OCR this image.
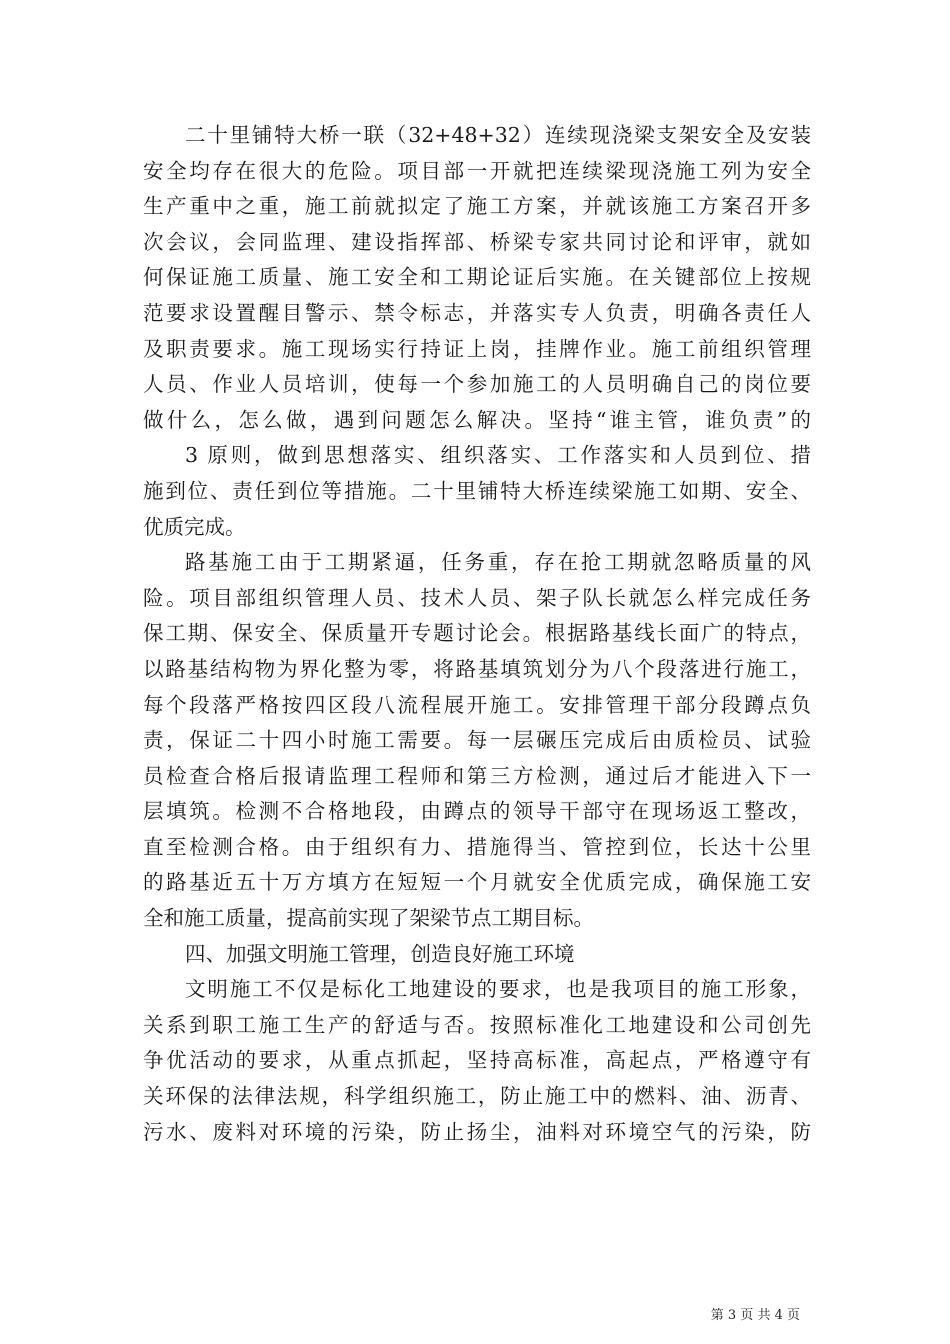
二十里铺特大桥一联（32+48+32）连续现浇梁支架安全及安装
安全均存在很大的危险。项目部一开就把连续梁现浇施工列为安全
生产重中之重，施工前就拟定了施工方案，并就该施工方案召开多
次会议，会同监理、建设指挥部、桥梁专家共同讨论和评审，就如
何保证施工质量、施工安全和工期论证后实施。在关键部位上按规
范要求设置醒目警示、禁令标志，并落实专人负责，明确各责任人
及职责要求。施工现场实行持证上岗，挂牌作业。施工前组织管理
人员、作业人员培训，使每一个参加施工的人员明确自己的岗位要
做什么，怎么做，遇到问题怎么解决。坚持“谁主管，谁负责”的
3 原则，做到思想落实、组织落实、工作落实和人员到位、措
施到位、责任到位等措施。二十里铺特大桥连续梁施工如期、安全、
优质完成。
路基施工由于工期紧逼，任务重，存在抢工期就忽略质量的风
险。项目部组织管理人员、技术人员、架子队长就怎么样完成任务
保工期、保安全、保质量开专题讨论会。根据路基线长面广的特点，
以路基结构物为界化整为零，将路基填筑划分为八个段落进行施工，
每个段落严格按四区段八流程展开施工。安排管理干部分段蹲点负
责，保证二十四小时施工需要。每一层碾压完成后由质检员、试验
员检查合格后报请监理工程师和第三方检测，通过后才能进入下一
层填筑。检测不合格地段，由蹲点的领导干部守在现场返工整改，
直至检测合格。由于组织有力、措施得当、管控到位，长达十公里
的路基近五十万方填方在短短一个月就安全优质完成，确保施工安
全和施工质量，提高前实现了架梁节点工期目标。
四、加强文明施工管理，创造良好施工环境
文明施工不仅是标化工地建设的要求，也是我项目的施工形象，
关系到职工施工生产的舒适与否。按照标准化工地建设和公司创先
争优活动的要求，从重点抓起，坚持高标准，高起点，严格遵守有
关环保的法律法规，科学组织施工，防止施工中的燃料、油、沥青、
污水、废料对环境的污染，防止扬尘，油料对环境空气的污染，防
第 3 页 共 4 页
